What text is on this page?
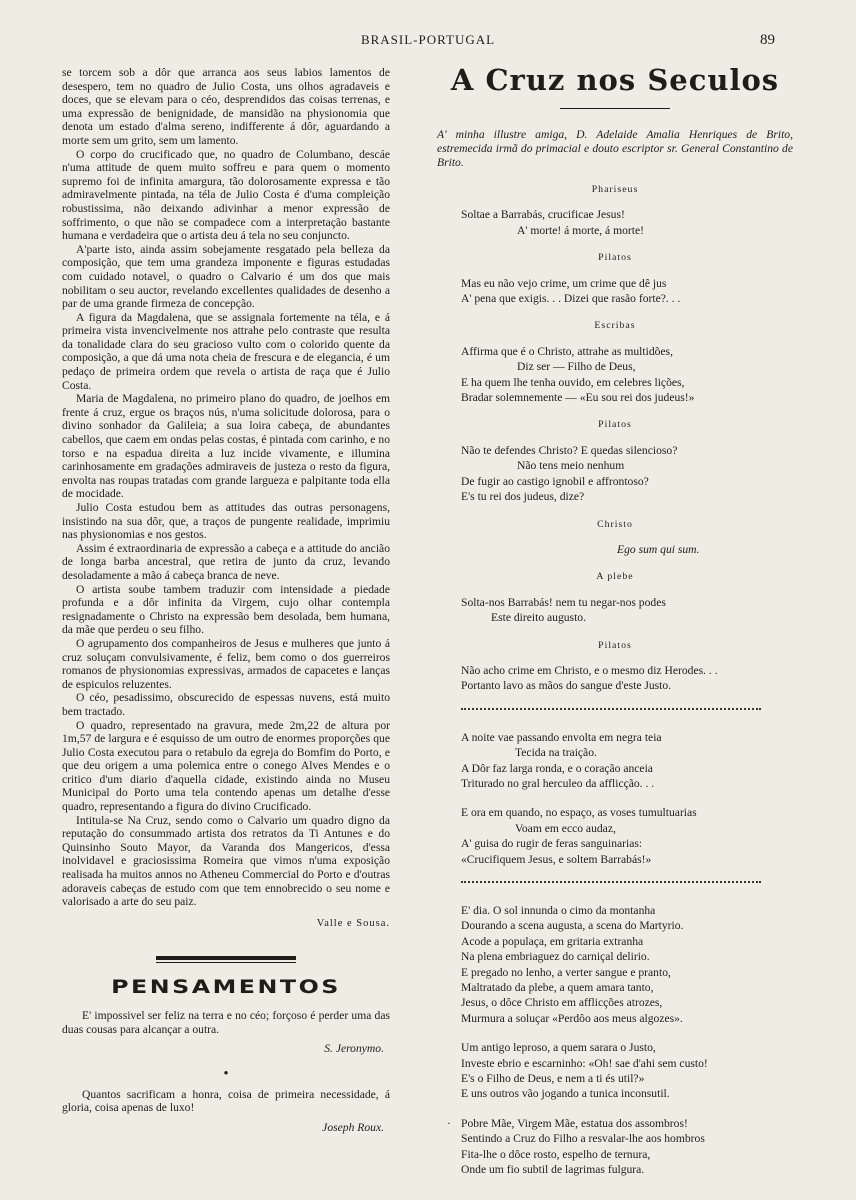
BRASIL-PORTUGAL	89

se torcem sob a dôr que arranca aos seus labios lamentos de desespero, tem no quadro de Julio Costa, uns olhos agradaveis e doces, que se elevam para o céo, desprendidos das coisas terrenas, e uma expressão de benignidade, de mansidão na physionomia que denota um estado d'alma sereno, indifferente á dôr, aguardando a morte sem um grito, sem um lamento.

O corpo do crucificado que, no quadro de Columbano, descáe n'uma attitude de quem muito soffreu e para quem o momento supremo foi de infinita amargura, tão dolorosamente expressa e tão admiravelmente pintada, na téla de Julio Costa é d'uma compleição robustissima, não deixando adivinhar a menor expressão de soffrimento, o que não se compadece com a interpretação bastante humana e verdadeira que o artista deu á tela no seu conjuncto.

A'parte isto, ainda assim sobejamente resgatado pela belleza da composição, que tem uma grandeza imponente e figuras estudadas com cuidado notavel, o quadro o Calvario é um dos que mais nobilitam o seu auctor, revelando excellentes qualidades de desenho a par de uma grande firmeza de concepção.

A figura da Magdalena, que se assignala fortemente na téla, e á primeira vista invencivelmente nos attrahe pelo contraste que resulta da tonalidade clara do seu gracioso vulto com o colorido quente da composição, a que dá uma nota cheia de frescura e de elegancia, é um pedaço de primeira ordem que revela o artista de raça que é Julio Costa.

Maria de Magdalena, no primeiro plano do quadro, de joelhos em frente á cruz, ergue os braços nús, n'uma solicitude dolorosa, para o divino sonhador da Galileia; a sua loira cabeça, de abundantes cabellos, que caem em ondas pelas costas, é pintada com carinho, e no torso e na espadua direita a luz incide vivamente, e illumina carinhosamente em gradações admiraveis de justeza o resto da figura, envolta nas roupas tratadas com grande largueza e palpitante toda ella de mocidade.

Julio Costa estudou bem as attitudes das outras personagens, insistindo na sua dôr, que, a traços de pungente realidade, imprimiu nas physionomias e nos gestos.

Assim é extraordinaria de expressão a cabeça e a attitude do ancião de longa barba ancestral, que retira de junto da cruz, levando desoladamente a mão á cabeça branca de neve.

O artista soube tambem traduzir com intensidade a piedade profunda e a dôr infinita da Virgem, cujo olhar contempla resignadamente o Christo na expressão bem desolada, bem humana, da mãe que perdeu o seu filho.

O agrupamento dos companheiros de Jesus e mulheres que junto á cruz soluçam convulsivamente, é feliz, bem como o dos guerreiros romanos de physionomias expressivas, armados de capacetes e lanças de espiculos reluzentes.

O céo, pesadissimo, obscurecido de espessas nuvens, está muito bem tractado.

O quadro, representado na gravura, mede 2m,22 de altura por 1m,57 de largura e é esquisso de um outro de enormes proporções que Julio Costa executou para o retabulo da egreja do Bomfim do Porto, e que deu origem a uma polemica entre o conego Alves Mendes e o critico d'um diario d'aquella cidade, existindo ainda no Museu Municipal do Porto uma tela contendo apenas um detalhe d'esse quadro, representando a figura do divino Crucificado.

Intitula-se Na Cruz, sendo como o Calvario um quadro digno da reputação do consummado artista dos retratos da Ti Antunes e do Quinsinho Souto Mayor, da Varanda dos Mangericos, d'essa inolvidavel e graciosissima Romeira que vimos n'uma exposição realisada ha muitos annos no Atheneu Commercial do Porto e d'outras adoraveis cabeças de estudo com que tem ennobrecido o seu nome e valorisado a arte do seu paiz.

Valle e Sousa.
PENSAMENTOS

E' impossivel ser feliz na terra e no céo; forçoso é perder uma das duas cousas para alcançar a outra.

S. Jeronymo.
●

Quantos sacrificam a honra, coisa de primeira necessidade, á gloria, coisa apenas de luxo!

Joseph Roux.
A Cruz nos Seculos
A' minha illustre amiga, D. Adelaide Amalia Henriques de Brito, estremecida irmã do primacial e douto escriptor sr. General Constantino de Brito.
Phariseus
Soltae a Barrabás, crucificae Jesus!
A' morte! á morte, á morte!
Pilatos
Mas eu não vejo crime, um crime que dê jus
A' pena que exigis. . . Dizei que rasão forte?. . .
Escribas
Affirma que é o Christo, attrahe as multidões,
Diz ser — Filho de Deus,
E ha quem lhe tenha ouvido, em celebres lições,
Bradar solemnemente — «Eu sou rei dos judeus!»
Pilatos
Não te defendes Christo? E quedas silencioso?
Não tens meio nenhum
De fugir ao castigo ignobil e affrontoso?
E's tu rei dos judeus, dize?
Christo
Ego sum qui sum.
A plebe
Solta-nos Barrabás! nem tu negar-nos podes
Este direito augusto.
Pilatos
Não acho crime em Christo, e o mesmo diz Herodes. . .
Portanto lavo as mãos do sangue d'este Justo.
A noite vae passando envolta em negra teia
Tecida na traição.
A Dôr faz larga ronda, e o coração anceia
Triturado no gral herculeo da afflicção. . .
E ora em quando, no espaço, as voses tumultuarias
Voam em ecco audaz,
A' guisa do rugir de feras sanguinarias:
«Crucifiquem Jesus, e soltem Barrabás!»
E' dia. O sol innunda o cimo da montanha
Dourando a scena augusta, a scena do Martyrio.
Acode a populaça, em gritaria extranha
Na plena embriaguez do carniçal delirio.
E pregado no lenho, a verter sangue e pranto,
Maltratado da plebe, a quem amara tanto,
Jesus, o dôce Christo em afflicções atrozes,
Murmura a soluçar «Perdôo aos meus algozes».
Um antigo leproso, a quem sarara o Justo,
Investe ebrio e escarninho: «Oh! sae d'ahi sem custo!
E's o Filho de Deus, e nem a ti és util?»
E uns outros vão jogando a tunica inconsutil.
· Pobre Mãe, Virgem Mãe, estatua dos assombros!
Sentindo a Cruz do Filho a resvalar-lhe aos hombros
Fita-lhe o dôce rosto, espelho de ternura,
Onde um fio subtil de lagrimas fulgura.
